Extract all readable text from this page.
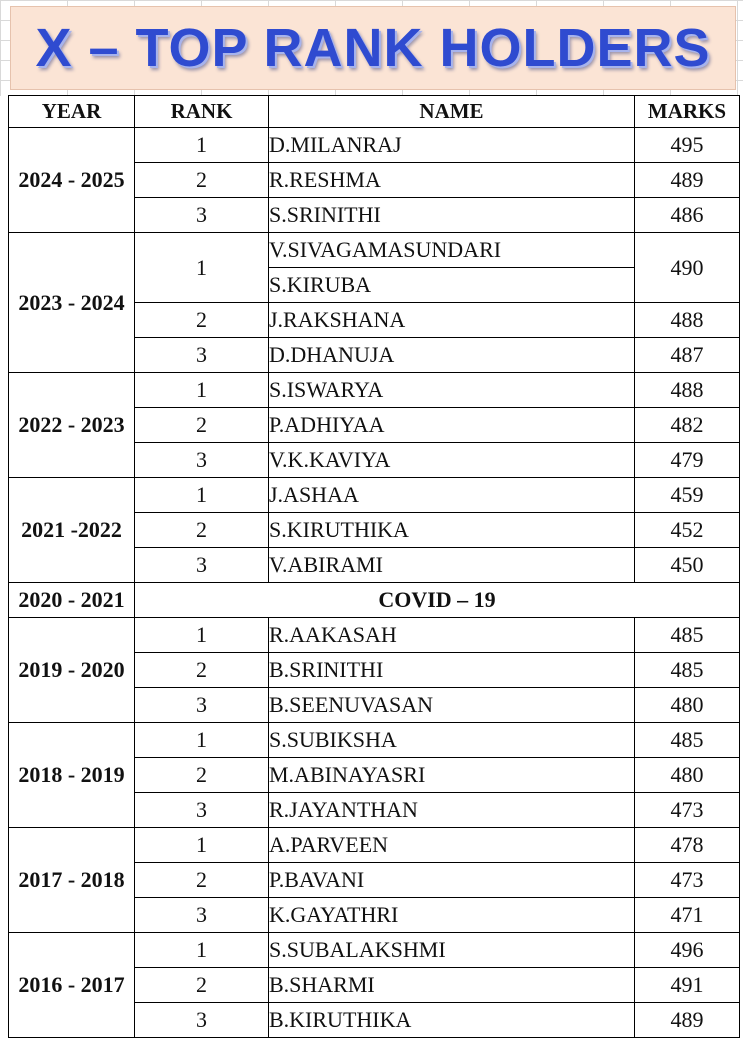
X – TOP RANK HOLDERS
YEAR	RANK	NAME	MARKS
2024 - 2025	1	D.MILANRAJ	495
	2	R.RESHMA	489
	3	S.SRINITHI	486
2023 - 2024	1	V.SIVAGAMASUNDARI	490
		S.KIRUBA	
	2	J.RAKSHANA	488
	3	D.DHANUJA	487
2022 - 2023	1	S.ISWARYA	488
	2	P.ADHIYAA	482
	3	V.K.KAVIYA	479
2021 -2022	1	J.ASHAA	459
	2	S.KIRUTHIKA	452
	3	V.ABIRAMI	450
2020 - 2021	COVID – 19		
2019 - 2020	1	R.AAKASAH	485
	2	B.SRINITHI	485
	3	B.SEENUVASAN	480
2018 - 2019	1	S.SUBIKSHA	485
	2	M.ABINAYASRI	480
	3	R.JAYANTHAN	473
2017 - 2018	1	A.PARVEEN	478
	2	P.BAVANI	473
	3	K.GAYATHRI	471
2016 - 2017	1	S.SUBALAKSHMI	496
	2	B.SHARMI	491
	3	B.KIRUTHIKA	489
